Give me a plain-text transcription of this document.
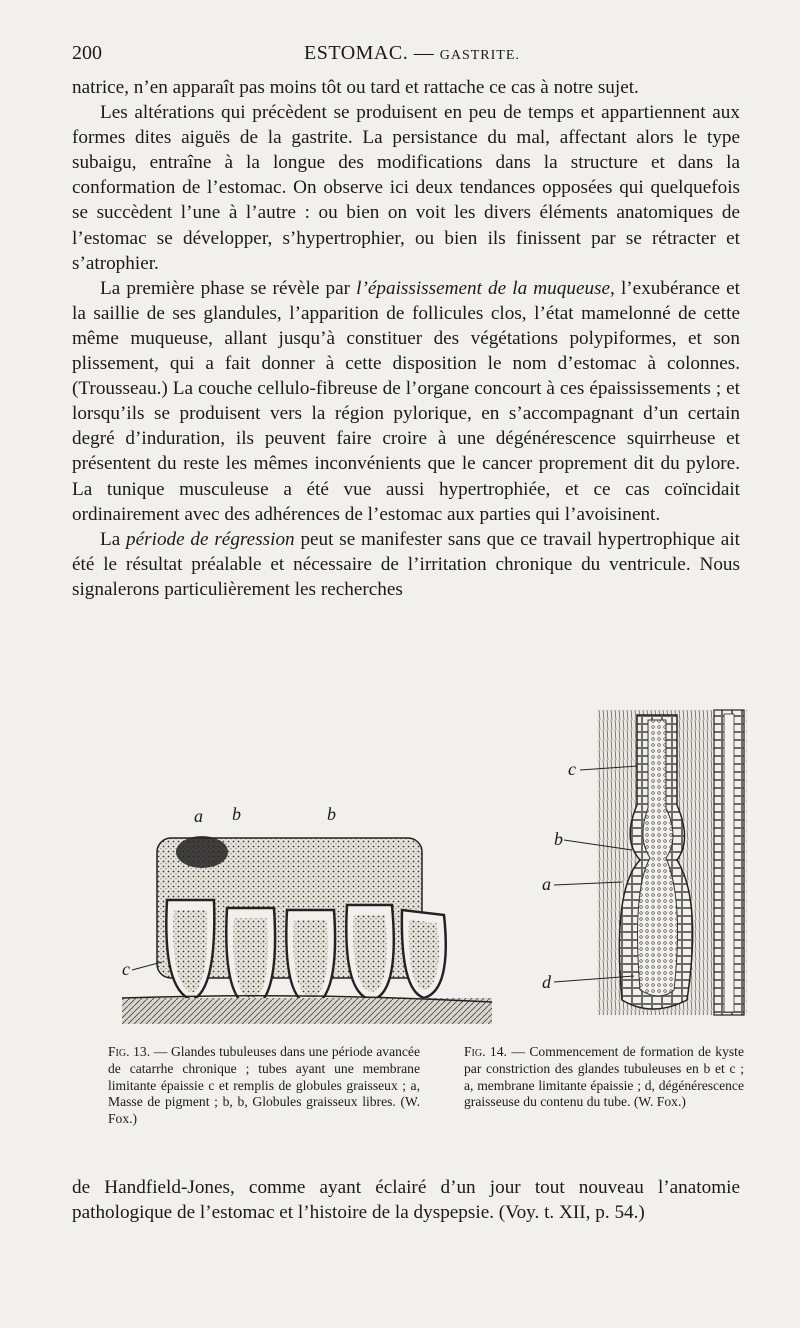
200	ESTOMAC. — GASTRITE.

natrice, n’en apparaît pas moins tôt ou tard et rattache ce cas à notre sujet.

Les altérations qui précèdent se produisent en peu de temps et appartiennent aux formes dites aiguës de la gastrite. La persistance du mal, affectant alors le type subaigu, entraîne à la longue des modifications dans la structure et dans la conformation de l’estomac. On observe ici deux tendances opposées qui quelquefois se succèdent l’une à l’autre : ou bien on voit les divers éléments anatomiques de l’estomac se développer, s’hypertrophier, ou bien ils finissent par se rétracter et s’atrophier.

La première phase se révèle par l’épaississement de la muqueuse, l’exubérance et la saillie de ses glandules, l’apparition de follicules clos, l’état mamelonné de cette même muqueuse, allant jusqu’à constituer des végétations polypiformes, et son plissement, qui a fait donner à cette disposition le nom d’estomac à colonnes. (Trousseau.) La couche cellulo-fibreuse de l’organe concourt à ces épaississements ; et lorsqu’ils se produisent vers la région pylorique, en s’accompagnant d’un certain degré d’induration, ils peuvent faire croire à une dégénérescence squirrheuse et présentent du reste les mêmes inconvénients que le cancer proprement dit du pylore. La tunique musculeuse a été vue aussi hypertrophiée, et ce cas coïncidait ordinairement avec des adhérences de l’estomac aux parties qui l’avoisinent.

La période de régression peut se manifester sans que ce travail hypertrophique ait été le résultat préalable et nécessaire de l’irritation chronique du ventricule. Nous signalerons particulièrement les recherches

a b	b
c
c
b
a
d
Fig. 13. — Glandes tubuleuses dans une période avancée de catarrhe chronique ; tubes ayant une membrane limitante épaissie c et remplis de globules graisseux ; a, Masse de pigment ; b, b, Globules graisseux libres. (W. Fox.)
Fig. 14. — Commencement de formation de kyste par constriction des glandes tubuleuses en b et c ; a, membrane limitante épaissie ; d, dégénérescence graisseuse du contenu du tube. (W. Fox.)

de Handfield-Jones, comme ayant éclairé d’un jour tout nouveau l’anatomie pathologique de l’estomac et l’histoire de la dyspepsie. (Voy. t. XII, p. 54.)
